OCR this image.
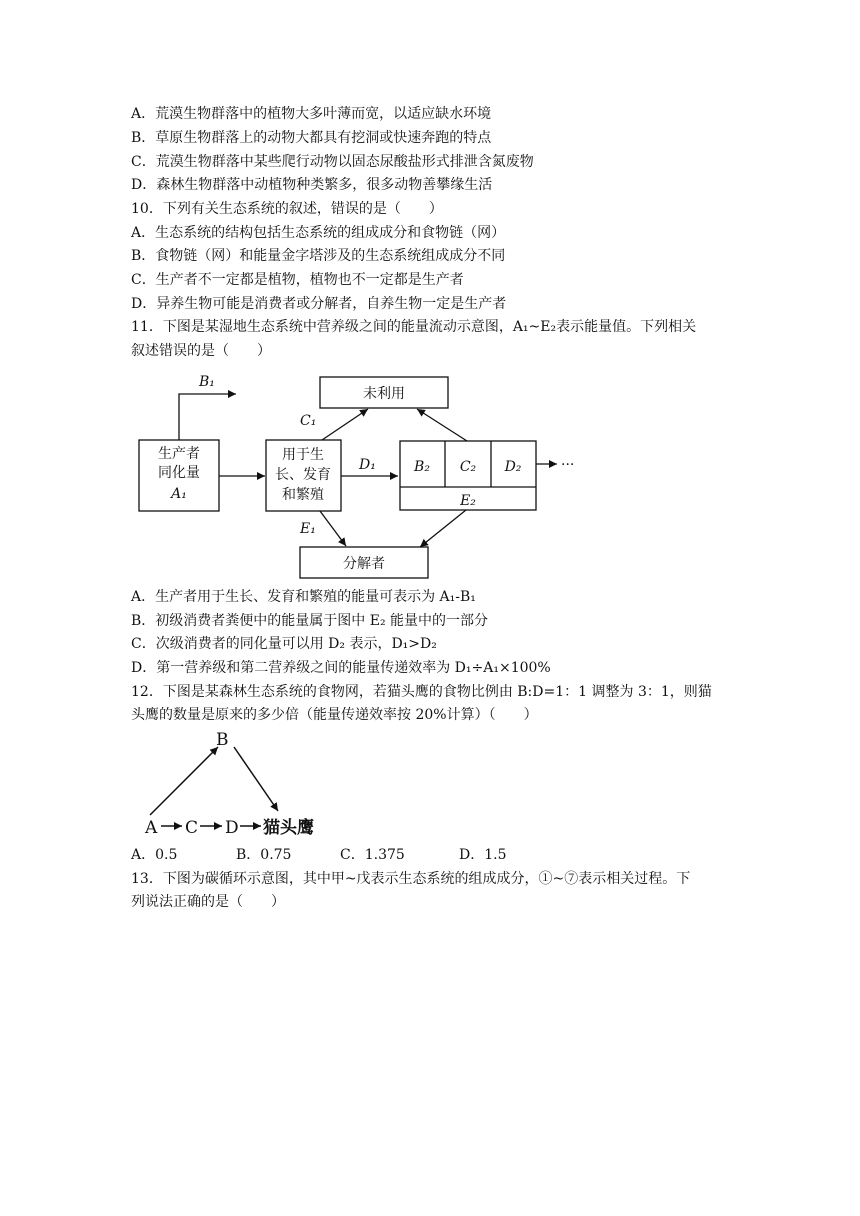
A．荒漠生物群落中的植物大多叶薄而宽，以适应缺水环境
B．草原生物群落上的动物大都具有挖洞或快速奔跑的特点
C．荒漠生物群落中某些爬行动物以固态尿酸盐形式排泄含氮废物
D．森林生物群落中动植物种类繁多，很多动物善攀缘生活
10．下列有关生态系统的叙述，错误的是（　　）
A．生态系统的结构包括生态系统的组成成分和食物链（网）
B．食物链（网）和能量金字塔涉及的生态系统组成成分不同
C．生产者不一定都是植物，植物也不一定都是生产者
D．异养生物可能是消费者或分解者，自养生物一定是生产者
11．下图是某湿地生态系统中营养级之间的能量流动示意图，A₁~E₂表示能量值。下列相关
叙述错误的是（　　）
生产者
同化量
A₁
用于生
长、发育
和繁殖
未利用
分解者
B₁
C₁
D₁
E₁
B₂ C₂ D₂
E₂
···
A．生产者用于生长、发育和繁殖的能量可表示为 A₁-B₁
B．初级消费者粪便中的能量属于图中 E₂ 能量中的一部分
C．次级消费者的同化量可以用 D₂ 表示，D₁>D₂
D．第一营养级和第二营养级之间的能量传递效率为 D₁÷A₁×100%
12．下图是某森林生态系统的食物网，若猫头鹰的食物比例由 B:D=1：1 调整为 3：1，则猫
头鹰的数量是原来的多少倍（能量传递效率按 20%计算）（　　）
A
B
C D 猫头鹰
A．0.5	B．0.75	C．1.375	D．1.5
13．下图为碳循环示意图，其中甲~戊表示生态系统的组成成分，①~⑦表示相关过程。下
列说法正确的是（　　）
